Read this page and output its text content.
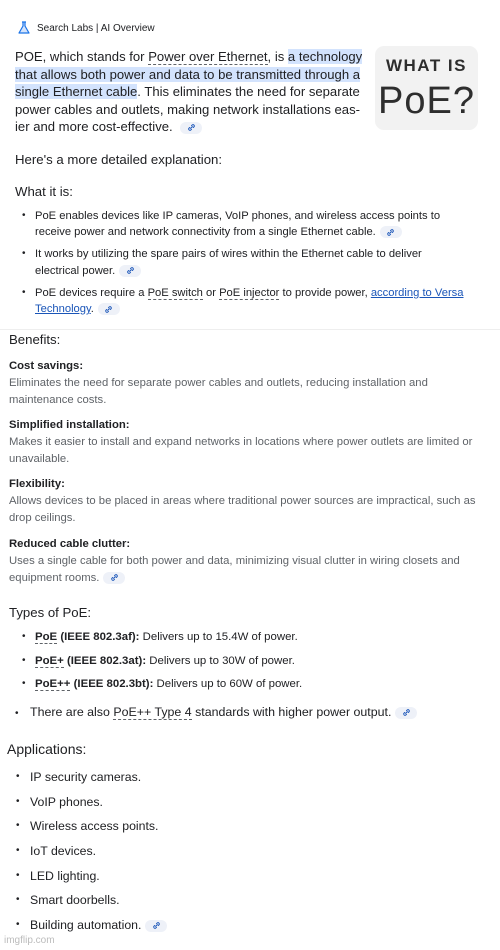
Search Labs | AI Overview
POE, which stands for Power over Ethernet, is a technology that allows both power and data to be transmitted through a single Ethernet cable. This eliminates the need for separate power cables and outlets, making network installations eas-ier and more cost-effective.
WHAT IS
PoE?
Here's a more detailed explanation:
What it is:
• PoE enables devices like IP cameras, VoIP phones, and wireless access points to receive power and network connectivity from a single Ethernet cable.
• It works by utilizing the spare pairs of wires within the Ethernet cable to deliver electrical power.
• PoE devices require a PoE switch or PoE injector to provide power, according to Versa Technology.
Benefits:
Cost savings:
Eliminates the need for separate power cables and outlets, reducing installation and maintenance costs.
Simplified installation:
Makes it easier to install and expand networks in locations where power outlets are limited or unavailable.
Flexibility:
Allows devices to be placed in areas where traditional power sources are impractical, such as drop ceilings.
Reduced cable clutter:
Uses a single cable for both power and data, minimizing visual clutter in wiring closets and equipment rooms.
Types of PoE:
• PoE (IEEE 802.3af): Delivers up to 15.4W of power.
• PoE+ (IEEE 802.3at): Delivers up to 30W of power.
• PoE++ (IEEE 802.3bt): Delivers up to 60W of power.
• There are also PoE++ Type 4 standards with higher power output.
Applications:
• IP security cameras.
• VoIP phones.
• Wireless access points.
• IoT devices.
• LED lighting.
• Smart doorbells.
• Building automation.
imgflip.com
